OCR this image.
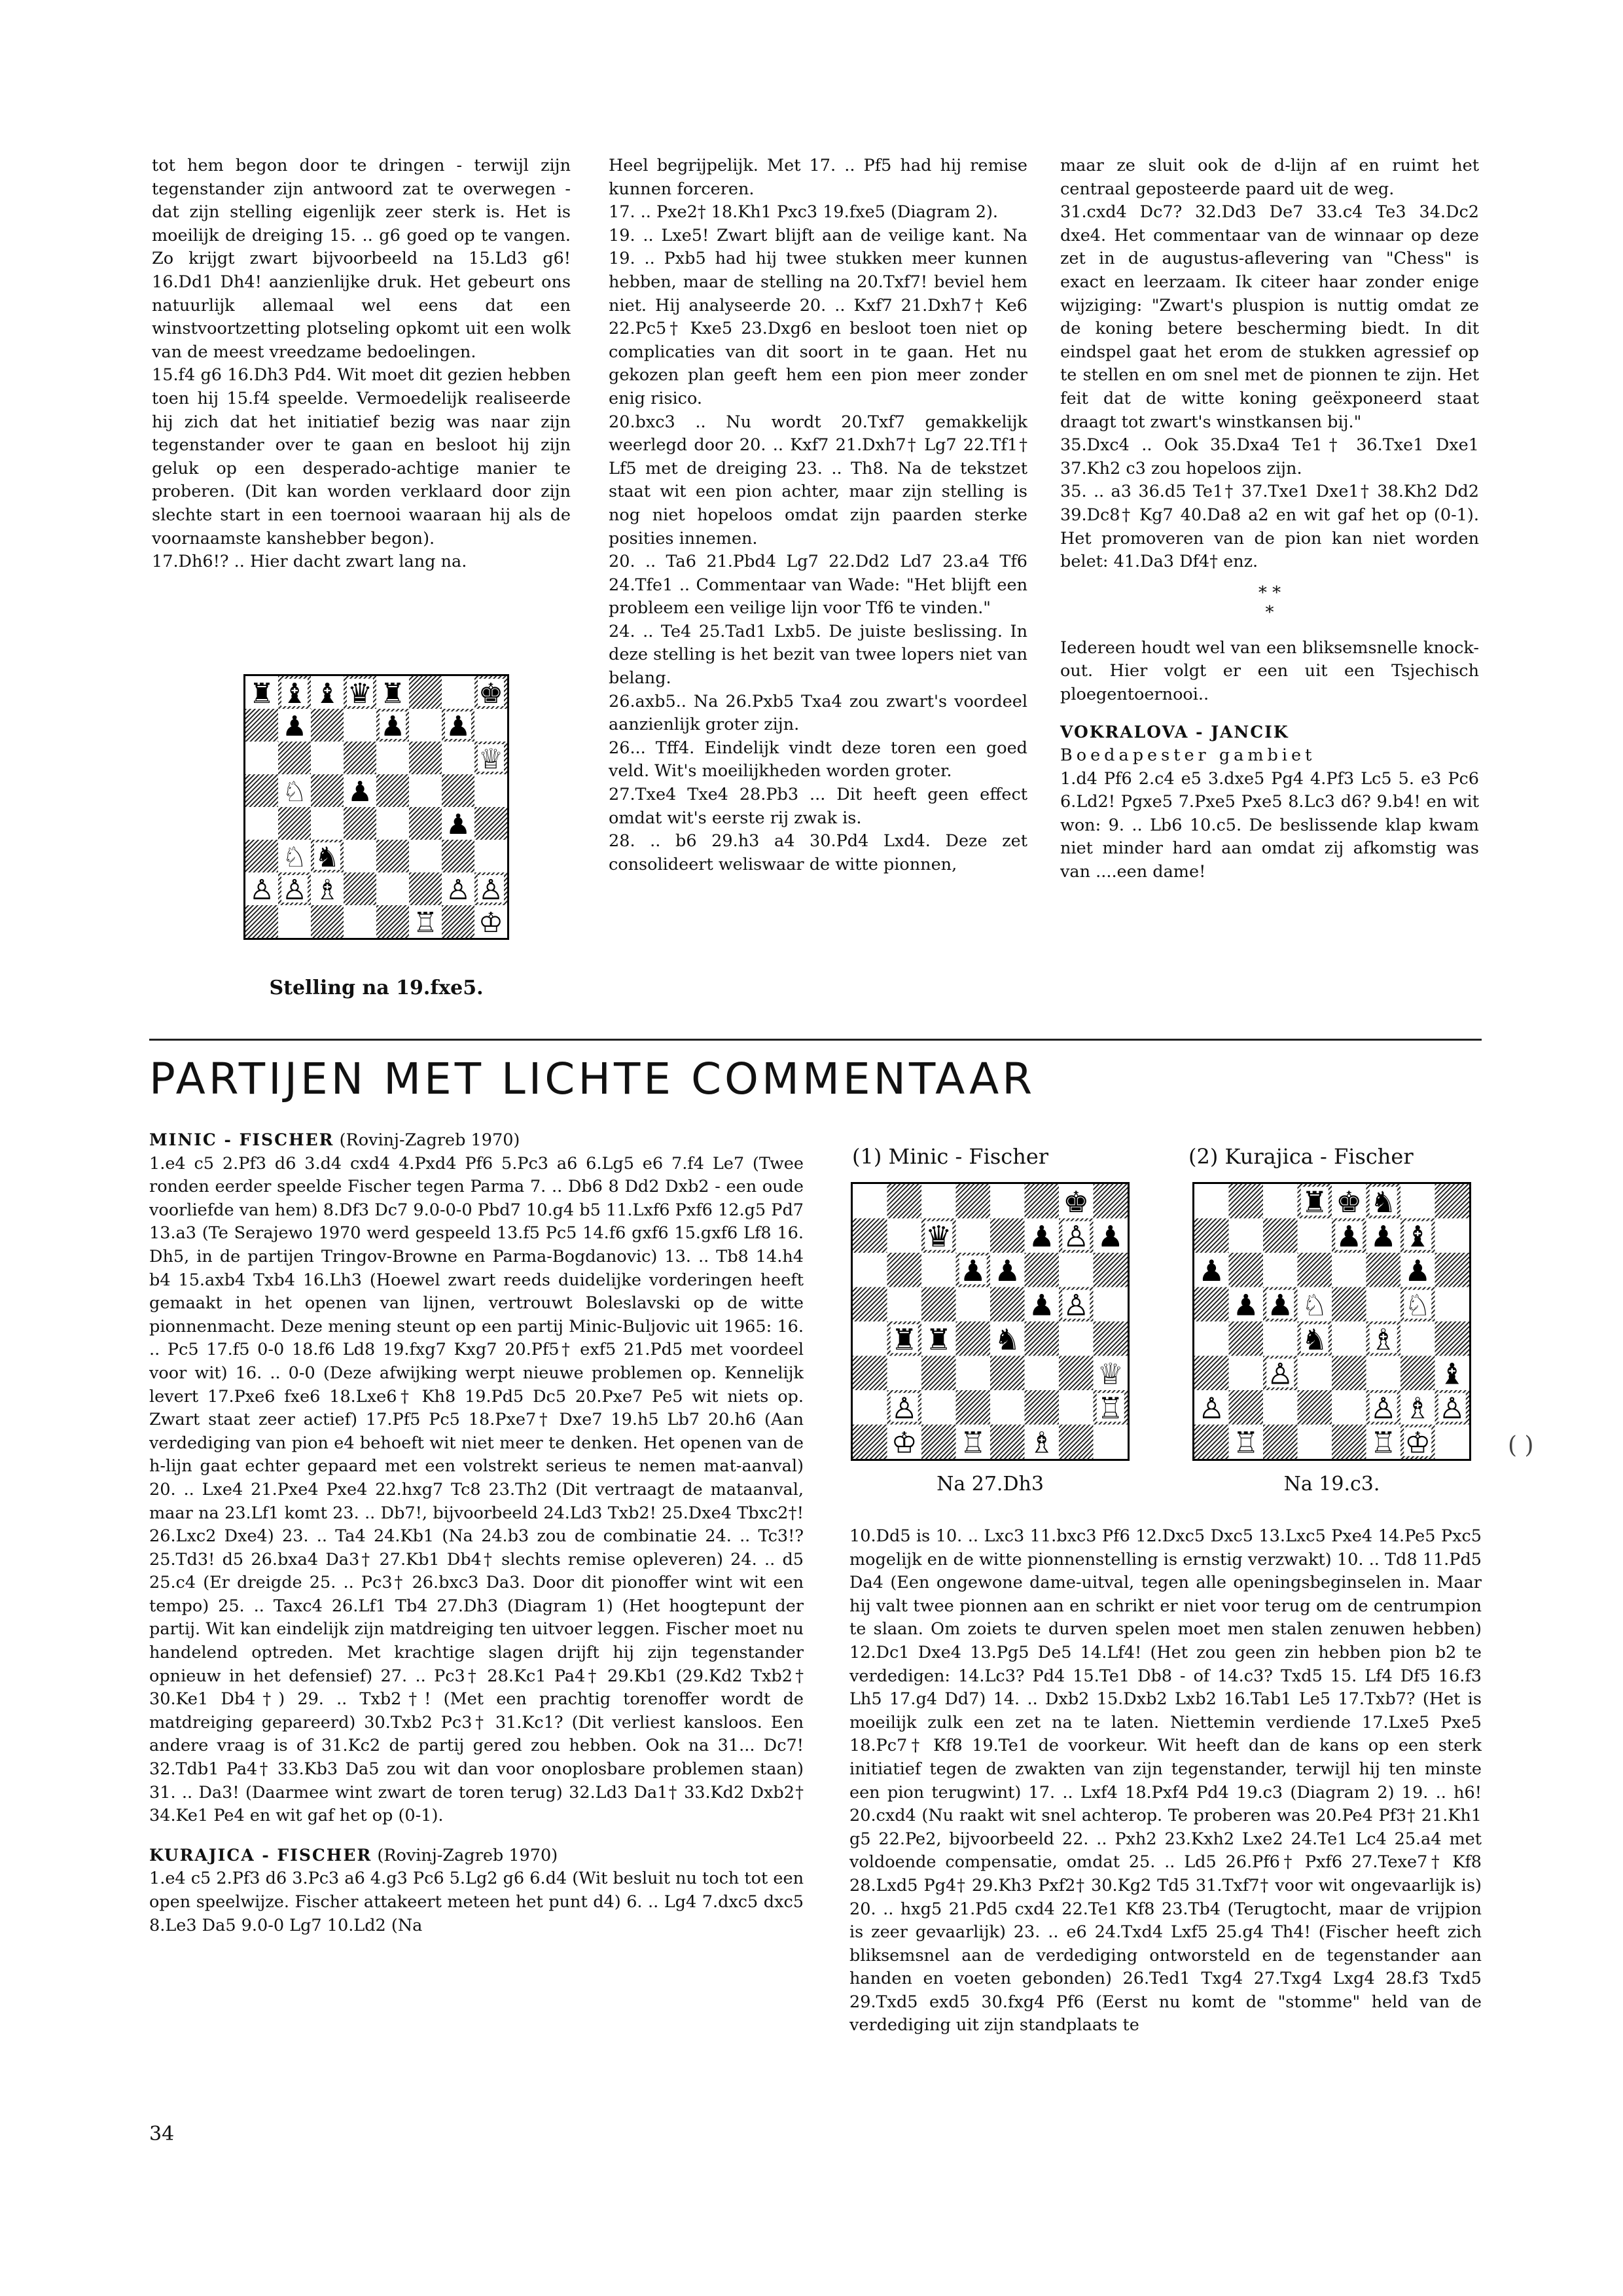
tot hem begon door te dringen - terwijl zijn tegenstander zijn antwoord zat te overwegen - dat zijn stelling eigenlijk zeer sterk is. Het is moeilijk de dreiging 15. .. g6 goed op te vangen. Zo krijgt zwart bijvoorbeeld na 15.Ld3 g6! 16.Dd1 Dh4! aanzienlijke druk. Het gebeurt ons natuurlijk allemaal wel eens dat een winstvoortzetting plotseling opkomt uit een wolk van de meest vreedzame bedoelingen.

15.f4 g6 16.Dh3 Pd4. Wit moet dit gezien hebben toen hij 15.f4 speelde. Vermoedelijk realiseerde hij zich dat het initiatief bezig was naar zijn tegenstander over te gaan en besloot hij zijn geluk op een desperado-achtige manier te proberen. (Dit kan worden verklaard door zijn slechte start in een toernooi waaraan hij als de voornaamste kanshebber begon).

17.Dh6!? .. Hier dacht zwart lang na.

♜ ♝ ♝ ♛ ♜	♚
♟	♟ ♟
♕
♘ ♟
♟
♘ ♞
♙ ♙ ♗	♙ ♙
♖ ♔
Stelling na 19.fxe5.

Heel begrijpelijk. Met 17. .. Pf5 had hij remise kunnen forceren.

17. .. Pxe2† 18.Kh1 Pxc3 19.fxe5 (Diagram 2).

19. .. Lxe5! Zwart blijft aan de veilige kant. Na 19. .. Pxb5 had hij twee stukken meer kunnen hebben, maar de stelling na 20.Txf7! beviel hem niet. Hij analyseerde 20. .. Kxf7 21.Dxh7† Ke6 22.Pc5† Kxe5 23.Dxg6 en besloot toen niet op complicaties van dit soort in te gaan. Het nu gekozen plan geeft hem een pion meer zonder enig risico.

20.bxc3 .. Nu wordt 20.Txf7 gemakkelijk weerlegd door 20. .. Kxf7 21.Dxh7† Lg7 22.Tf1† Lf5 met de dreiging 23. .. Th8. Na de tekstzet staat wit een pion achter, maar zijn stelling is nog niet hopeloos omdat zijn paarden sterke posities innemen.

20. .. Ta6 21.Pbd4 Lg7 22.Dd2 Ld7 23.a4 Tf6 24.Tfe1 .. Commentaar van Wade: "Het blijft een probleem een veilige lijn voor Tf6 te vinden."

24. .. Te4 25.Tad1 Lxb5. De juiste beslissing. In deze stelling is het bezit van twee lopers niet van belang.

26.axb5.. Na 26.Pxb5 Txa4 zou zwart's voordeel aanzienlijk groter zijn.

26... Tff4. Eindelijk vindt deze toren een goed veld. Wit's moeilijkheden worden groter.

27.Txe4 Txe4 28.Pb3 ... Dit heeft geen effect omdat wit's eerste rij zwak is.

28. .. b6 29.h3 a4 30.Pd4 Lxd4. Deze zet consolideert weliswaar de witte pionnen,

maar ze sluit ook de d-lijn af en ruimt het centraal geposteerde paard uit de weg.

31.cxd4 Dc7? 32.Dd3 De7 33.c4 Te3 34.Dc2 dxe4. Het commentaar van de winnaar op deze zet in de augustus-aflevering van "Chess" is exact en leerzaam. Ik citeer haar zonder enige wijziging: "Zwart's pluspion is nuttig omdat ze de koning betere bescherming biedt. In dit eindspel gaat het erom de stukken agressief op te stellen en om snel met de pionnen te zijn. Het feit dat de witte koning geëxponeerd staat draagt tot zwart's winstkansen bij."

35.Dxc4 .. Ook 35.Dxa4 Te1† 36.Txe1 Dxe1 37.Kh2 c3 zou hopeloos zijn.

35. .. a3 36.d5 Te1† 37.Txe1 Dxe1† 38.Kh2 Dd2 39.Dc8† Kg7 40.Da8 a2 en wit gaf het op (0-1). Het promoveren van de pion kan niet worden belet: 41.Da3 Df4† enz.

* *
*

Iedereen houdt wel van een bliksemsnelle knock-out. Hier volgt er een uit een Tsjechisch ploegentoernooi..

VOKRALOVA - JANCIK

Boedapester gambiet

1.d4 Pf6 2.c4 e5 3.dxe5 Pg4 4.Pf3 Lc5 5. e3 Pc6 6.Ld2! Pgxe5 7.Pxe5 Pxe5 8.Lc3 d6? 9.b4! en wit won: 9. .. Lb6 10.c5. De beslissende klap kwam niet minder hard aan omdat zij afkomstig was van ....een dame!

PARTIJEN MET LICHTE COMMENTAAR

MINIC - FISCHER (Rovinj-Zagreb 1970)

1.e4 c5 2.Pf3 d6 3.d4 cxd4 4.Pxd4 Pf6 5.Pc3 a6 6.Lg5 e6 7.f4 Le7 (Twee ronden eerder speelde Fischer tegen Parma 7. .. Db6 8 Dd2 Dxb2 - een oude voorliefde van hem) 8.Df3 Dc7 9.0-0-0 Pbd7 10.g4 b5 11.Lxf6 Pxf6 12.g5 Pd7 13.a3 (Te Serajewo 1970 werd gespeeld 13.f5 Pc5 14.f6 gxf6 15.gxf6 Lf8 16. Dh5, in de partijen Tringov-Browne en Parma-Bogdanovic) 13. .. Tb8 14.h4 b4 15.axb4 Txb4 16.Lh3 (Hoewel zwart reeds duidelijke vorderingen heeft gemaakt in het openen van lijnen, vertrouwt Boleslavski op de witte pionnenmacht. Deze mening steunt op een partij Minic-Buljovic uit 1965: 16. .. Pc5 17.f5 0-0 18.f6 Ld8 19.fxg7 Kxg7 20.Pf5† exf5 21.Pd5 met voordeel voor wit) 16. .. 0-0 (Deze afwijking werpt nieuwe problemen op. Kennelijk levert 17.Pxe6 fxe6 18.Lxe6† Kh8 19.Pd5 Dc5 20.Pxe7 Pe5 wit niets op. Zwart staat zeer actief) 17.Pf5 Pc5 18.Pxe7† Dxe7 19.h5 Lb7 20.h6 (Aan verdediging van pion e4 behoeft wit niet meer te denken. Het openen van de h-lijn gaat echter gepaard met een volstrekt serieus te nemen mat-aanval) 20. .. Lxe4 21.Pxe4 Pxe4 22.hxg7 Tc8 23.Th2 (Dit vertraagt de mataanval, maar na 23.Lf1 komt 23. .. Db7!, bijvoorbeeld 24.Ld3 Txb2! 25.Dxe4 Tbxc2†! 26.Lxc2 Dxe4) 23. .. Ta4 24.Kb1 (Na 24.b3 zou de combinatie 24. .. Tc3!? 25.Td3! d5 26.bxa4 Da3† 27.Kb1 Db4† slechts remise opleveren) 24. .. d5 25.c4 (Er dreigde 25. .. Pc3† 26.bxc3 Da3. Door dit pionoffer wint wit een tempo) 25. .. Taxc4 26.Lf1 Tb4 27.Dh3 (Diagram 1) (Het hoogtepunt der partij. Wit kan eindelijk zijn matdreiging ten uitvoer leggen. Fischer moet nu handelend optreden. Met krachtige slagen drijft hij zijn tegenstander opnieuw in het defensief) 27. .. Pc3† 28.Kc1 Pa4† 29.Kb1 (29.Kd2 Txb2† 30.Ke1 Db4†) 29. .. Txb2†! (Met een prachtig torenoffer wordt de matdreiging gepareerd) 30.Txb2 Pc3† 31.Kc1? (Dit verliest kansloos. Een andere vraag is of 31.Kc2 de partij gered zou hebben. Ook na 31... Dc7! 32.Tdb1 Pa4† 33.Kb3 Da5 zou wit dan voor onoplosbare problemen staan) 31. .. Da3! (Daarmee wint zwart de toren terug) 32.Ld3 Da1† 33.Kd2 Dxb2† 34.Ke1 Pe4 en wit gaf het op (0-1).

KURAJICA - FISCHER (Rovinj-Zagreb 1970)

1.e4 c5 2.Pf3 d6 3.Pc3 a6 4.g3 Pc6 5.Lg2 g6 6.d4 (Wit besluit nu toch tot een open speelwijze. Fischer attakeert meteen het punt d4) 6. .. Lg4 7.dxc5 dxc5 8.Le3 Da5 9.0-0 Lg7 10.Ld2 (Na

(1) Minic - Fischer
♚
♟ ♟
♛
♟ ♟
♙
♟
♞
♕
♜ ♜
♙
♙	♖
♔ ♖ ♗
Na 27.Dh3
(2) Kurajica - Fischer
♜ ♚ ♞
♟ ♟ ♝
♟	♟
♟ ♘
♞ ♗
♙
♖
♙	♙ ♗ ♙
♟	♘
♖ ♔
♝
Na 19.c3.
( )

10.Dd5 is 10. .. Lxc3 11.bxc3 Pf6 12.Dxc5 Dxc5 13.Lxc5 Pxe4 14.Pe5 Pxc5 mogelijk en de witte pionnenstelling is ernstig verzwakt) 10. .. Td8 11.Pd5 Da4 (Een ongewone dame-uitval, tegen alle openingsbeginselen in. Maar hij valt twee pionnen aan en schrikt er niet voor terug om de centrumpion te slaan. Om zoiets te durven spelen moet men stalen zenuwen hebben) 12.Dc1 Dxe4 13.Pg5 De5 14.Lf4! (Het zou geen zin hebben pion b2 te verdedigen: 14.Lc3? Pd4 15.Te1 Db8 - of 14.c3? Txd5 15. Lf4 Df5 16.f3 Lh5 17.g4 Dd7) 14. .. Dxb2 15.Dxb2 Lxb2 16.Tab1 Le5 17.Txb7? (Het is moeilijk zulk een zet na te laten. Niettemin verdiende 17.Lxe5 Pxe5 18.Pc7† Kf8 19.Te1 de voorkeur. Wit heeft dan de kans op een sterk initiatief tegen de zwakten van zijn tegenstander, terwijl hij ten minste een pion terugwint) 17. .. Lxf4 18.Pxf4 Pd4 19.c3 (Diagram 2) 19. .. h6! 20.cxd4 (Nu raakt wit snel achterop. Te proberen was 20.Pe4 Pf3† 21.Kh1 g5 22.Pe2, bijvoorbeeld 22. .. Pxh2 23.Kxh2 Lxe2 24.Te1 Lc4 25.a4 met voldoende compensatie, omdat 25. .. Ld5 26.Pf6† Pxf6 27.Texe7† Kf8 28.Lxd5 Pg4† 29.Kh3 Pxf2† 30.Kg2 Td5 31.Txf7† voor wit ongevaarlijk is) 20. .. hxg5 21.Pd5 cxd4 22.Te1 Kf8 23.Tb4 (Terugtocht, maar de vrijpion is zeer gevaarlijk) 23. .. e6 24.Txd4 Lxf5 25.g4 Th4! (Fischer heeft zich bliksemsnel aan de verdediging ontworsteld en de tegenstander aan handen en voeten gebonden) 26.Ted1 Txg4 27.Txg4 Lxg4 28.f3 Txd5 29.Txd5 exd5 30.fxg4 Pf6 (Eerst nu komt de "stomme" held van de verdediging uit zijn standplaats te

34
